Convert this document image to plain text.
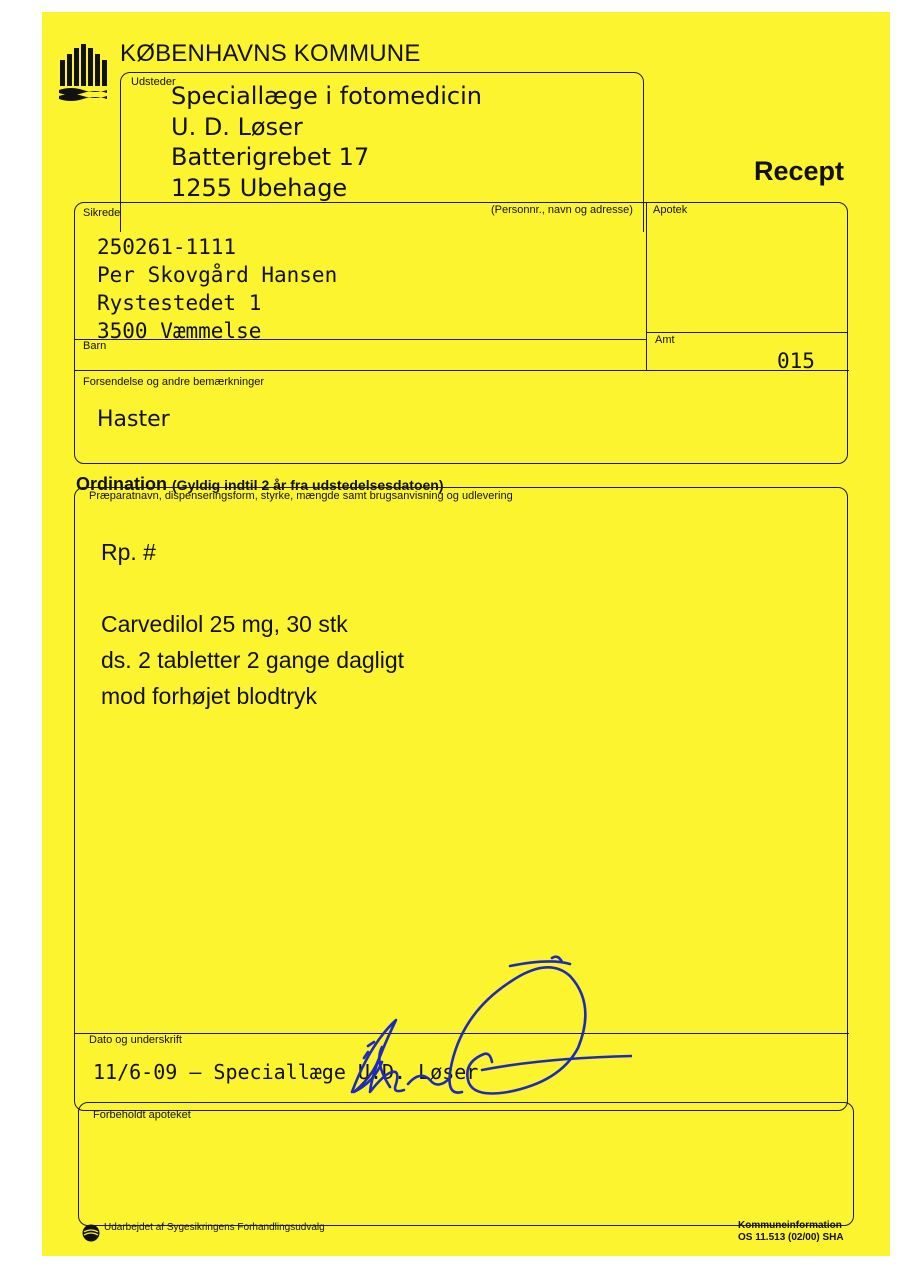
KØBENHAVNS KOMMUNE
Recept
Udsteder
Speciallæge i fotomedicin
U. D. Løser
Batterigrebet 17
1255 Ubehage
Sikrede	(Personnr., navn og adresse)
250261-1111
Per Skovgård Hansen
Rystestedet 1
3500 Væmmelse
Apotek
Amt
015
Barn
Forsendelse og andre bemærkninger
Haster
Ordination (Gyldig indtil 2 år fra udstedelsesdatoen)
Præparatnavn, dispenseringsform, styrke, mængde samt brugsanvisning og udlevering
Rp. #
Carvedilol 25 mg, 30 stk
ds. 2 tabletter 2 gange dagligt
mod forhøjet blodtryk
Dato og underskrift
11/6-09 – Speciallæge U.D. Løser
Forbeholdt apoteket
Udarbejdet af Sygesikringens Forhandlingsudvalg	Kommuneinformation
OS 11.513 (02/00) SHA
